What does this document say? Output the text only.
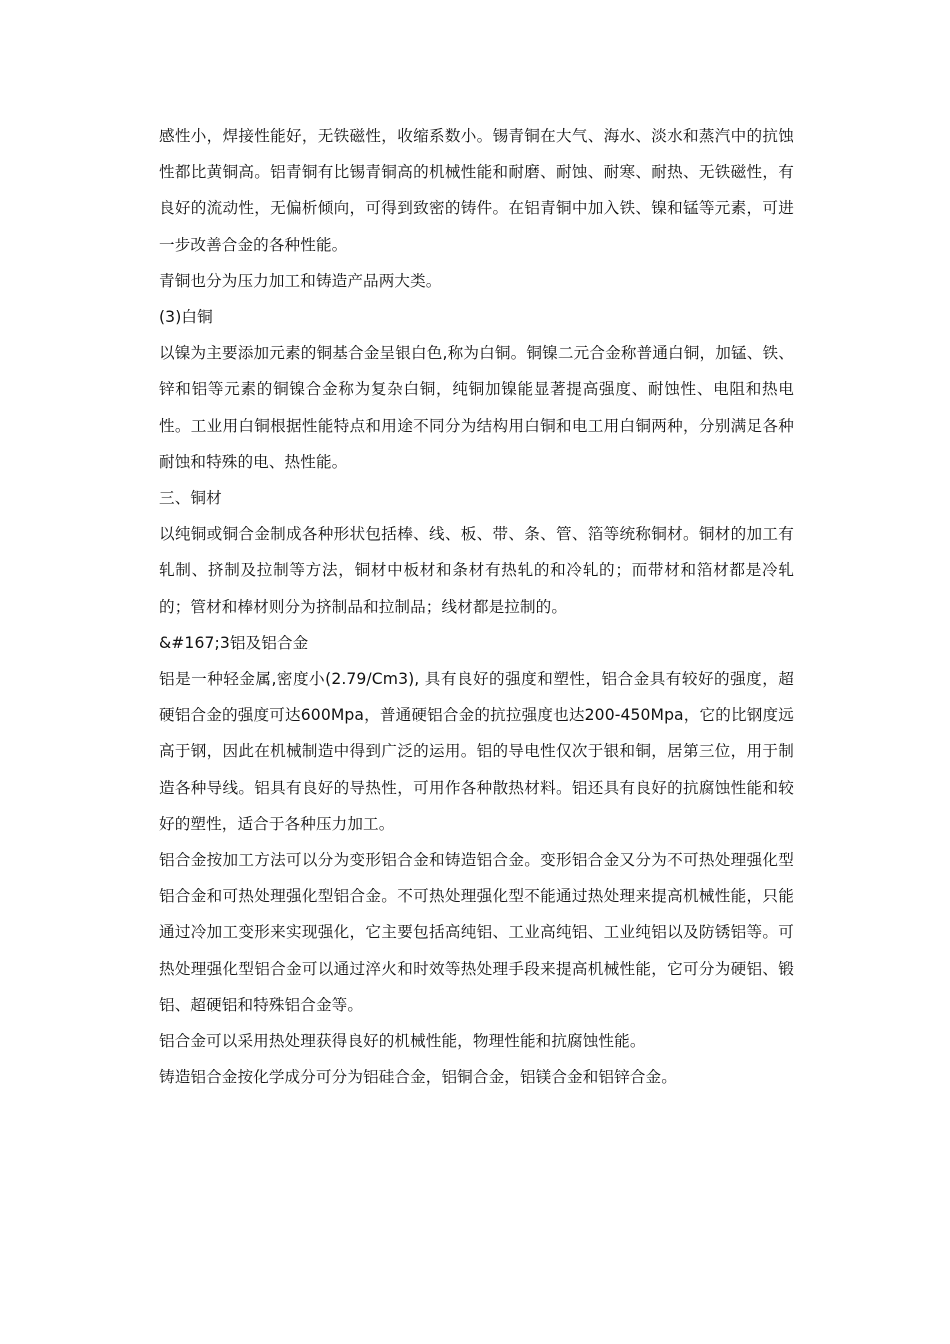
感性小，焊接性能好，无铁磁性，收缩系数小。锡青铜在大气、海水、淡水和蒸汽中的抗蚀性都比黄铜高。铝青铜有比锡青铜高的机械性能和耐磨、耐蚀、耐寒、耐热、无铁磁性，有良好的流动性，无偏析倾向，可得到致密的铸件。在铝青铜中加入铁、镍和锰等元素，可进一步改善合金的各种性能。

青铜也分为压力加工和铸造产品两大类。

(3)白铜

以镍为主要添加元素的铜基合金呈银白色,称为白铜。铜镍二元合金称普通白铜，加锰、铁、锌和铝等元素的铜镍合金称为复杂白铜，纯铜加镍能显著提高强度、耐蚀性、电阻和热电性。工业用白铜根据性能特点和用途不同分为结构用白铜和电工用白铜两种，分别满足各种耐蚀和特殊的电、热性能。

三、铜材

以纯铜或铜合金制成各种形状包括棒、线、板、带、条、管、箔等统称铜材。铜材的加工有轧制、挤制及拉制等方法，铜材中板材和条材有热轧的和冷轧的；而带材和箔材都是冷轧的；管材和棒材则分为挤制品和拉制品；线材都是拉制的。

&#167;3铝及铝合金

铝是一种轻金属,密度小(2.79/Cm3), 具有良好的强度和塑性，铝合金具有较好的强度，超硬铝合金的强度可达600Mpa，普通硬铝合金的抗拉强度也达200-450Mpa，它的比钢度远高于钢，因此在机械制造中得到广泛的运用。铝的导电性仅次于银和铜，居第三位，用于制造各种导线。铝具有良好的导热性，可用作各种散热材料。铝还具有良好的抗腐蚀性能和较好的塑性，适合于各种压力加工。

铝合金按加工方法可以分为变形铝合金和铸造铝合金。变形铝合金又分为不可热处理强化型铝合金和可热处理强化型铝合金。不可热处理强化型不能通过热处理来提高机械性能，只能通过冷加工变形来实现强化，它主要包括高纯铝、工业高纯铝、工业纯铝以及防锈铝等。可热处理强化型铝合金可以通过淬火和时效等热处理手段来提高机械性能，它可分为硬铝、锻铝、超硬铝和特殊铝合金等。

铝合金可以采用热处理获得良好的机械性能，物理性能和抗腐蚀性能。

铸造铝合金按化学成分可分为铝硅合金，铝铜合金，铝镁合金和铝锌合金。
